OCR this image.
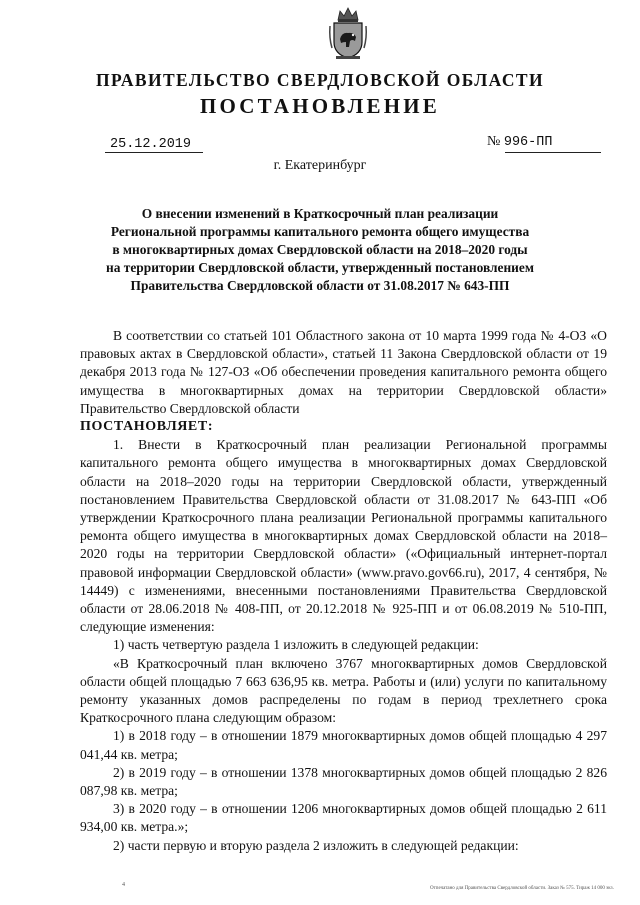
ПРАВИТЕЛЬСТВО СВЕРДЛОВСКОЙ ОБЛАСТИ
ПОСТАНОВЛЕНИЕ
25.12.2019	№ 996-ПП
г. Екатеринбург
О внесении изменений в Краткосрочный план реализации
Региональной программы капитального ремонта общего имущества
в многоквартирных домах Свердловской области на 2018–2020 годы
на территории Свердловской области, утвержденный постановлением
Правительства Свердловской области от 31.08.2017 № 643-ПП

В соответствии со статьей 101 Областного закона от 10 марта 1999 года № 4-ОЗ «О правовых актах в Свердловской области», статьей 11 Закона Свердловской области от 19 декабря 2013 года № 127-ОЗ «Об обеспечении проведения капитального ремонта общего имущества в многоквартирных домах на территории Свердловской области» Правительство Свердловской области

ПОСТАНОВЛЯЕТ:

1. Внести в Краткосрочный план реализации Региональной программы капитального ремонта общего имущества в многоквартирных домах Свердловской области на 2018–2020 годы на территории Свердловской области, утвержденный постановлением Правительства Свердловской области от 31.08.2017 № 643-ПП «Об утверждении Краткосрочного плана реализации Региональной программы капитального ремонта общего имущества в многоквартирных домах Свердловской области на 2018–2020 годы на территории Свердловской области» («Официальный интернет-портал правовой информации Свердловской области» (www.pravo.gov66.ru), 2017, 4 сентября, № 14449) с изменениями, внесенными постановлениями Правительства Свердловской области от 28.06.2018 № 408-ПП, от 20.12.2018 № 925-ПП и от 06.08.2019 № 510-ПП, следующие изменения:

1) часть четвертую раздела 1 изложить в следующей редакции:

«В Краткосрочный план включено 3767 многоквартирных домов Свердловской области общей площадью 7 663 636,95 кв. метра. Работы и (или) услуги по капитальному ремонту указанных домов распределены по годам в период трехлетнего срока Краткосрочного плана следующим образом:

1) в 2018 году – в отношении 1879 многоквартирных домов общей площадью 4 297 041,44 кв. метра;

2) в 2019 году – в отношении 1378 многоквартирных домов общей площадью 2 826 087,98 кв. метра;

3) в 2020 году – в отношении 1206 многоквартирных домов общей площадью 2 611 934,00 кв. метра.»;

2) части первую и вторую раздела 2 изложить в следующей редакции:

4
Отпечатано для Правительства Свердловской области. Заказ № 575. Тираж 14 000 экз.
